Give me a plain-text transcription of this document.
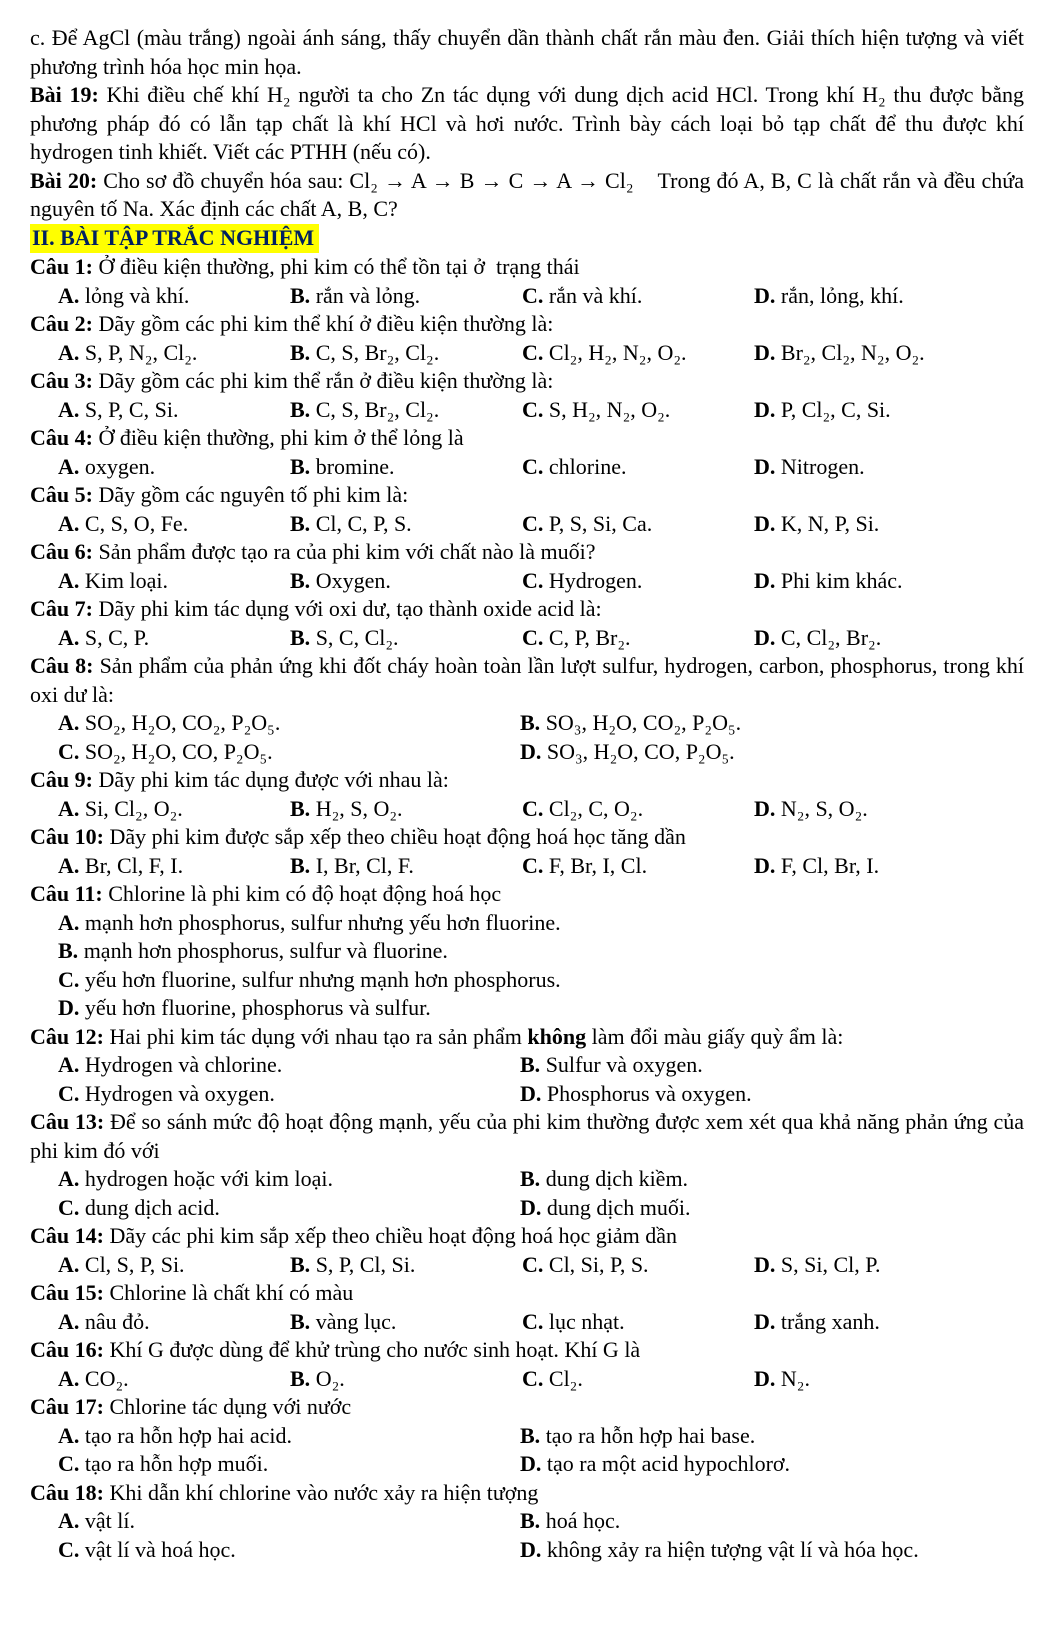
c. Để AgCl (màu trắng) ngoài ánh sáng, thấy chuyển dần thành chất rắn màu đen. Giải thích hiện tượng và viết phương trình hóa học min họa.
Bài 19: Khi điều chế khí H₂ người ta cho Zn tác dụng với dung dịch acid HCl. Trong khí H₂ thu được bằng phương pháp đó có lẫn tạp chất là khí HCl và hơi nước. Trình bày cách loại bỏ tạp chất để thu được khí hydrogen tinh khiết. Viết các PTHH (nếu có).
Bài 20: Cho sơ đồ chuyển hóa sau: Cl₂ → A → B → C → A → Cl₂    Trong đó A, B, C là chất rắn và đều chứa nguyên tố Na. Xác định các chất A, B, C?
II. BÀI TẬP TRẮC NGHIỆM
Câu 1: Ở điều kiện thường, phi kim có thể tồn tại ở  trạng thái
A. lỏng và khí.	B. rắn và lỏng.	C. rắn và khí.	D. rắn, lỏng, khí.
Câu 2: Dãy gồm các phi kim thể khí ở điều kiện thường là:
A. S, P, N₂, Cl₂.	B. C, S, Br₂, Cl₂.	C. Cl₂, H₂, N₂, O₂.	D. Br₂, Cl₂, N₂, O₂.
Câu 3: Dãy gồm các phi kim thể rắn ở điều kiện thường là:
A. S, P, C, Si.	B. C, S, Br₂, Cl₂.	C. S, H₂, N₂, O₂.	D. P, Cl₂, C, Si.
Câu 4: Ở điều kiện thường, phi kim ở thể lỏng là
A. oxygen.	B. bromine.	C. chlorine.	D. Nitrogen.
Câu 5: Dãy gồm các nguyên tố phi kim là:
A. C, S, O, Fe.	B. Cl, C, P, S.	C. P, S, Si, Ca.	D. K, N, P, Si.
Câu 6: Sản phẩm được tạo ra của phi kim với chất nào là muối?
A. Kim loại.	B. Oxygen.	C. Hydrogen.	D. Phi kim khác.
Câu 7: Dãy phi kim tác dụng với oxi dư, tạo thành oxide acid là:
A. S, C, P.	B. S, C, Cl₂.	C. C, P, Br₂.	D. C, Cl₂, Br₂.
Câu 8: Sản phẩm của phản ứng khi đốt cháy hoàn toàn lần lượt sulfur, hydrogen, carbon, phosphorus, trong khí oxi dư là:
A. SO₂, H₂O, CO₂, P₂O₅.	B. SO₃, H₂O, CO₂, P₂O₅.
C. SO₂, H₂O, CO, P₂O₅.	D. SO₃, H₂O, CO, P₂O₅.
Câu 9: Dãy phi kim tác dụng được với nhau là:
A. Si, Cl₂, O₂.	B. H₂, S, O₂.	C. Cl₂, C, O₂.	D. N₂, S, O₂.
Câu 10: Dãy phi kim được sắp xếp theo chiều hoạt động hoá học tăng dần
A. Br, Cl, F, I.	B. I, Br, Cl, F.	C. F, Br, I, Cl.	D. F, Cl, Br, I.
Câu 11: Chlorine là phi kim có độ hoạt động hoá học
A. mạnh hơn phosphorus, sulfur nhưng yếu hơn fluorine.
B. mạnh hơn phosphorus, sulfur và fluorine.
C. yếu hơn fluorine, sulfur nhưng mạnh hơn phosphorus.
D. yếu hơn fluorine, phosphorus và sulfur.
Câu 12: Hai phi kim tác dụng với nhau tạo ra sản phẩm không làm đổi màu giấy quỳ ẩm là:
A. Hydrogen và chlorine.	B. Sulfur và oxygen.
C. Hydrogen và oxygen.	D. Phosphorus và oxygen.
Câu 13: Để so sánh mức độ hoạt động mạnh, yếu của phi kim thường được xem xét qua khả năng phản ứng của phi kim đó với
A. hydrogen hoặc với kim loại.	B. dung dịch kiềm.
C. dung dịch acid.	D. dung dịch muối.
Câu 14: Dãy các phi kim sắp xếp theo chiều hoạt động hoá học giảm dần
A. Cl, S, P, Si.	B. S, P, Cl, Si.	C. Cl, Si, P, S.	D. S, Si, Cl, P.
Câu 15: Chlorine là chất khí có màu
A. nâu đỏ.	B. vàng lục.	C. lục nhạt.	D. trắng xanh.
Câu 16: Khí G được dùng để khử trùng cho nước sinh hoạt. Khí G là
A. CO₂.	B. O₂.	C. Cl₂.	D. N₂.
Câu 17: Chlorine tác dụng với nước
A. tạo ra hỗn hợp hai acid.	B. tạo ra hỗn hợp hai base.
C. tạo ra hỗn hợp muối.	D. tạo ra một acid hypochlorơ.
Câu 18: Khi dẫn khí chlorine vào nước xảy ra hiện tượng
A. vật lí.	B. hoá học.
C. vật lí và hoá học.	D. không xảy ra hiện tượng vật lí và hóa học.
